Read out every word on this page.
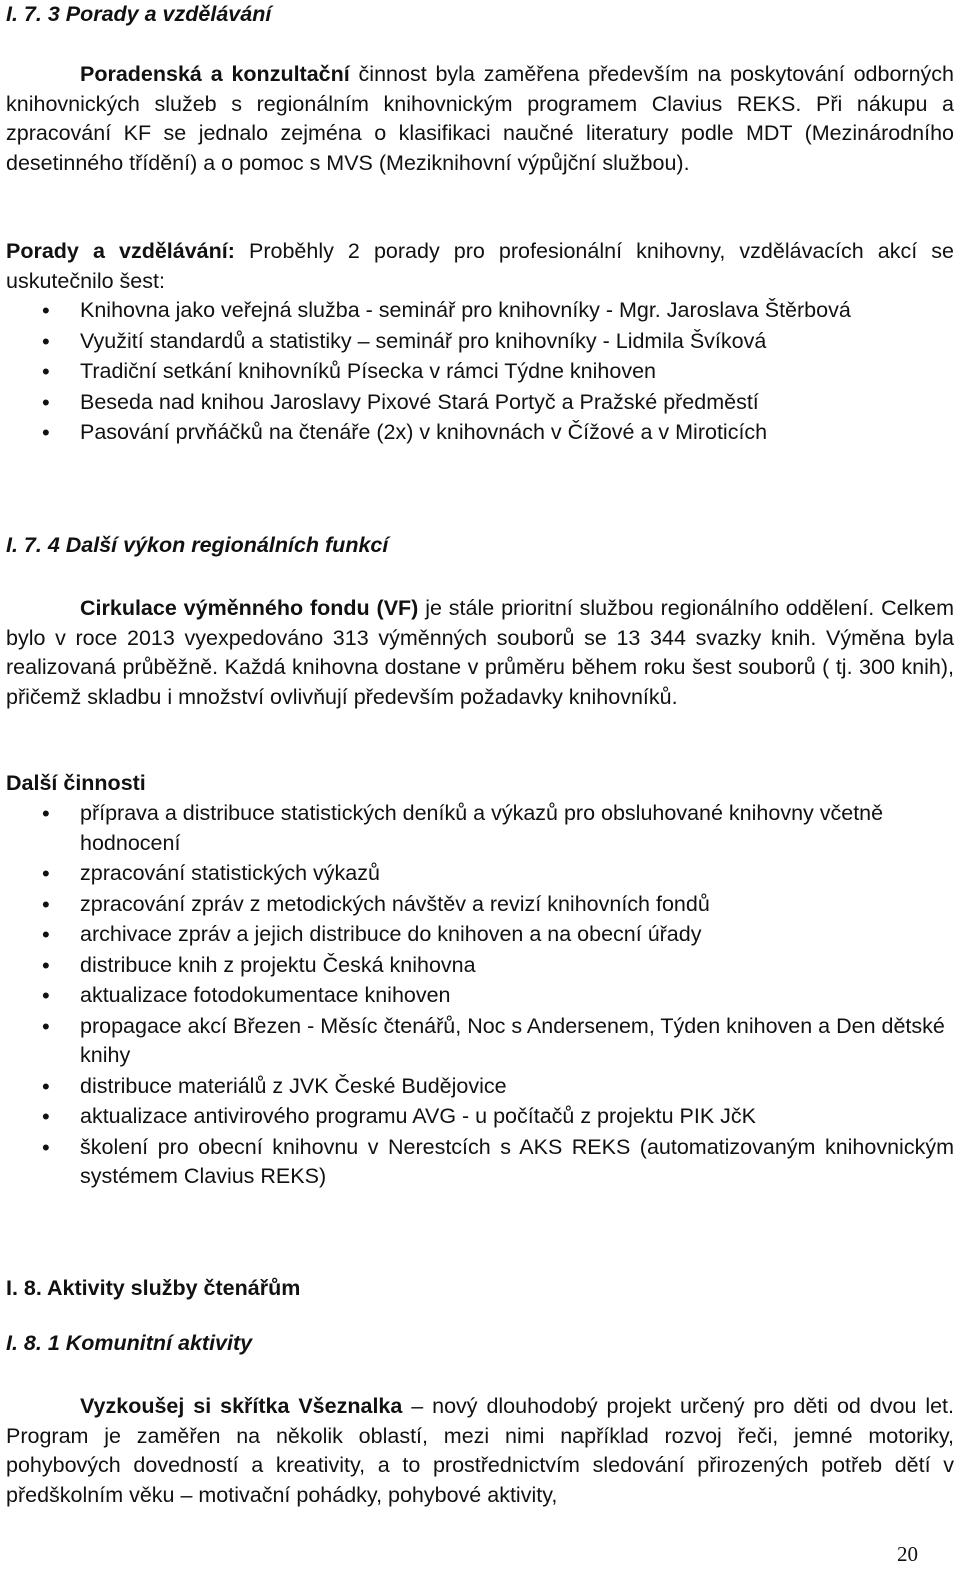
I. 7. 3 Porady a vzdělávání
Poradenská a konzultační činnost byla zaměřena především na poskytování odborných knihovnických služeb s regionálním knihovnickým programem Clavius REKS. Při nákupu a zpracování KF se jednalo zejména o klasifikaci naučné literatury podle MDT (Mezinárodního desetinného třídění) a o pomoc s MVS (Meziknihovní výpůjční službou).
Porady a vzdělávání: Proběhly 2 porady pro profesionální knihovny, vzdělávacích akcí se uskutečnilo šest:
• Knihovna jako veřejná služba - seminář pro knihovníky - Mgr. Jaroslava Štěrbová
• Využití standardů a statistiky – seminář pro knihovníky - Lidmila Švíková
• Tradiční setkání knihovníků Písecka v rámci Týdne knihoven
• Beseda nad knihou Jaroslavy Pixové Stará Portyč a Pražské předměstí
• Pasování prvňáčků na čtenáře (2x) v knihovnách v Čížové a v Miroticích
I. 7. 4 Další výkon regionálních funkcí
Cirkulace výměnného fondu (VF) je stále prioritní službou regionálního oddělení. Celkem bylo v roce 2013 vyexpedováno 313 výměnných souborů se 13 344 svazky knih. Výměna byla realizovaná průběžně. Každá knihovna dostane v průměru během roku šest souborů ( tj. 300 knih), přičemž skladbu i množství ovlivňují především požadavky knihovníků.
Další činnosti
• příprava a distribuce statistických deníků a výkazů pro obsluhované knihovny včetně hodnocení
• zpracování statistických výkazů
• zpracování zpráv z metodických návštěv a revizí knihovních fondů
• archivace zpráv a jejich distribuce do knihoven a na obecní úřady
• distribuce knih z projektu Česká knihovna
• aktualizace fotodokumentace knihoven
• propagace akcí Březen - Měsíc čtenářů, Noc s Andersenem, Týden knihoven a Den dětské knihy
• distribuce materiálů z JVK České Budějovice
• aktualizace antivirového programu AVG - u počítačů z projektu PIK JčK
• školení pro obecní knihovnu v Nerestcích s AKS REKS (automatizovaným knihovnickým systémem Clavius REKS)
I. 8. Aktivity služby čtenářům
I. 8. 1 Komunitní aktivity
Vyzkoušej si skřítka Všeznalka – nový dlouhodobý projekt určený pro děti od dvou let. Program je zaměřen na několik oblastí, mezi nimi například rozvoj řeči, jemné motoriky, pohybových dovedností a kreativity, a to prostřednictvím sledování přirozených potřeb dětí v předškolním věku – motivační pohádky, pohybové aktivity,
20
